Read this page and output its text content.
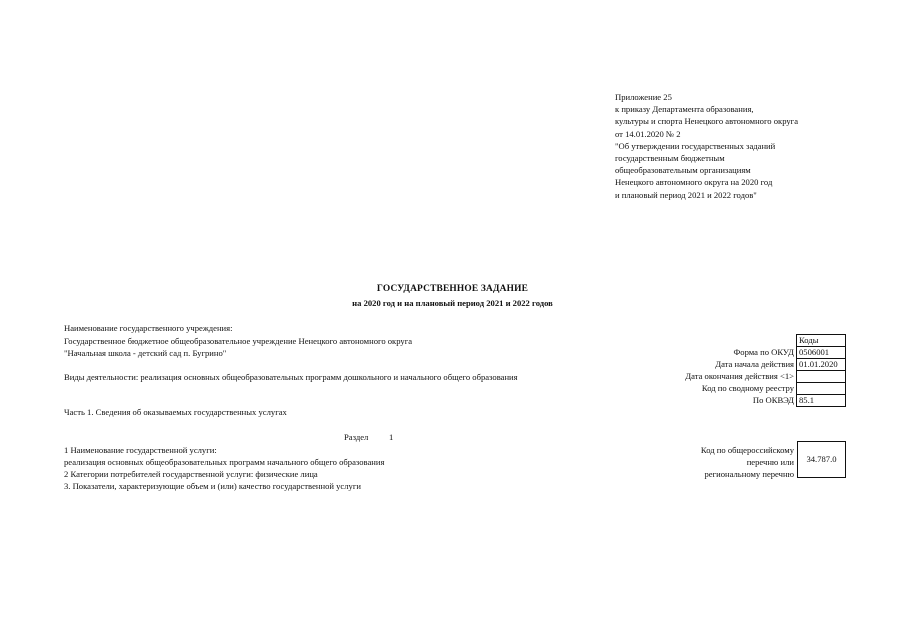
Приложение 25
к приказу Департамента образования,
культуры и спорта Ненецкого автономного округа
от 14.01.2020 № 2
"Об утверждении государственных заданий
государственным бюджетным
общеобразовательным организациям
Ненецкого автономного округа на 2020 год
и плановый период 2021 и 2022 годов"
ГОСУДАРСТВЕННОЕ ЗАДАНИЕ
на 2020 год и на плановый период 2021 и 2022 годов
Наименование государственного учреждения:
Государственное бюджетное общеобразовательное учреждение Ненецкого автономного округа
"Начальная школа - детский сад п. Бугрино"
Виды деятельности: реализация основных общеобразовательных программ дошкольного и начального общего образования
Коды
Форма по ОКУД 0506001
Дата начала действия 01.01.2020
Дата окончания действия <1>
Код по сводному реестру
По ОКВЭД 85.1
Часть 1. Сведения об оказываемых государственных услугах
Раздел 1
1 Наименование государственной услуги:
реализация основных общеобразовательных программ начального общего образования
2 Категории потребителей государственной услуги: физические лица
3. Показатели, характеризующие объем и (или) качество государственной услуги
Код по общероссийскому
перечню или
региональному перечню
34.787.0
